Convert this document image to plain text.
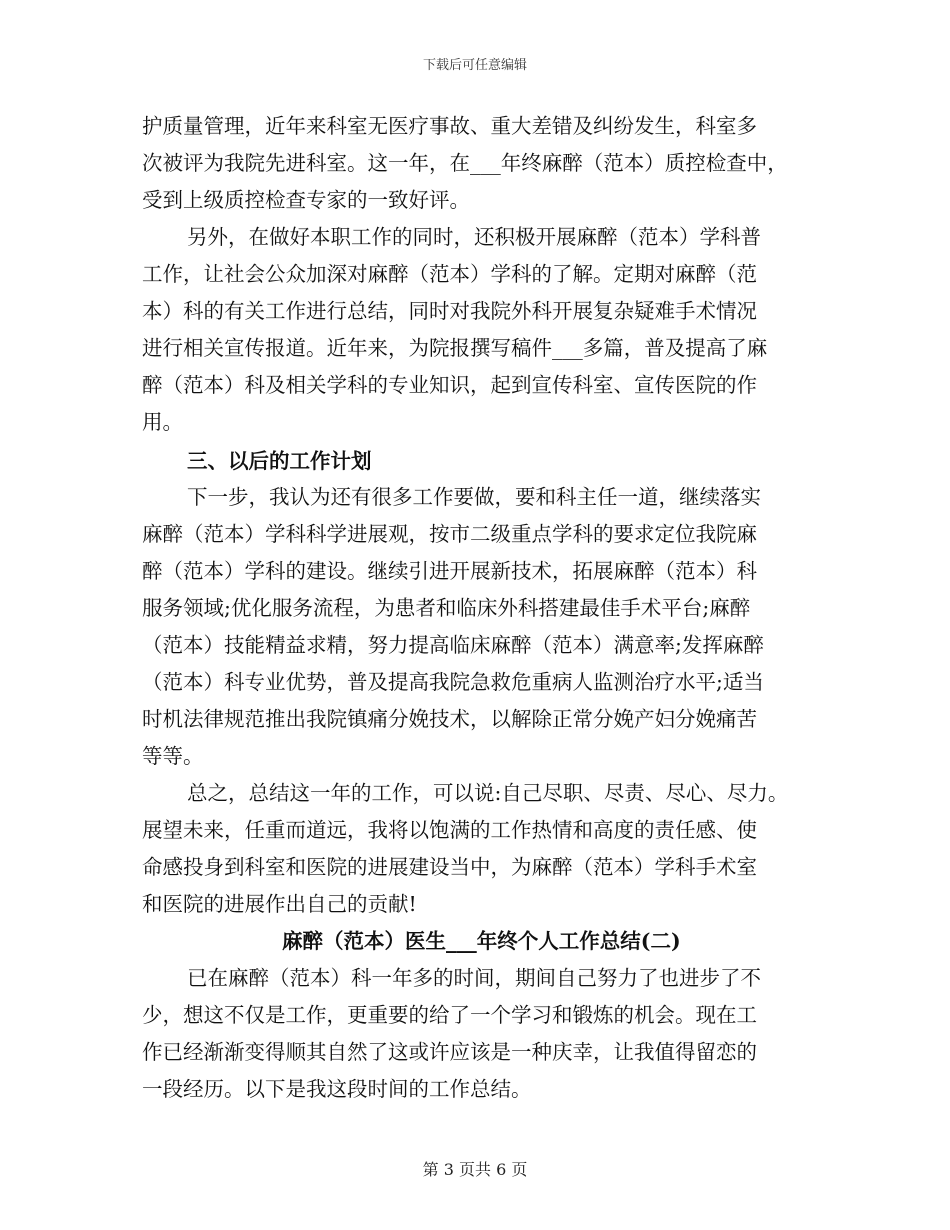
下载后可任意编辑
护质量管理，近年来科室无医疗事故、重大差错及纠纷发生，科室多
次被评为我院先进科室。这一年，在___年终麻醉（范本）质控检查中，
受到上级质控检查专家的一致好评。
另外，在做好本职工作的同时，还积极开展麻醉（范本）学科普
工作，让社会公众加深对麻醉（范本）学科的了解。定期对麻醉（范
本）科的有关工作进行总结，同时对我院外科开展复杂疑难手术情况
进行相关宣传报道。近年来，为院报撰写稿件___多篇，普及提高了麻
醉（范本）科及相关学科的专业知识，起到宣传科室、宣传医院的作
用。
三、以后的工作计划
下一步，我认为还有很多工作要做，要和科主任一道，继续落实
麻醉（范本）学科科学进展观，按市二级重点学科的要求定位我院麻
醉（范本）学科的建设。继续引进开展新技术，拓展麻醉（范本）科
服务领域;优化服务流程，为患者和临床外科搭建最佳手术平台;麻醉
（范本）技能精益求精，努力提高临床麻醉（范本）满意率;发挥麻醉
（范本）科专业优势，普及提高我院急救危重病人监测治疗水平;适当
时机法律规范推出我院镇痛分娩技术，以解除正常分娩产妇分娩痛苦
等等。
总之，总结这一年的工作，可以说:自己尽职、尽责、尽心、尽力。
展望未来，任重而道远，我将以饱满的工作热情和高度的责任感、使
命感投身到科室和医院的进展建设当中，为麻醉（范本）学科手术室
和医院的进展作出自己的贡献!
麻醉（范本）医生___年终个人工作总结(二)
已在麻醉（范本）科一年多的时间，期间自己努力了也进步了不
少，想这不仅是工作，更重要的给了一个学习和锻炼的机会。现在工
作已经渐渐变得顺其自然了这或许应该是一种庆幸，让我值得留恋的
一段经历。以下是我这段时间的工作总结。
第 3 页共 6 页
